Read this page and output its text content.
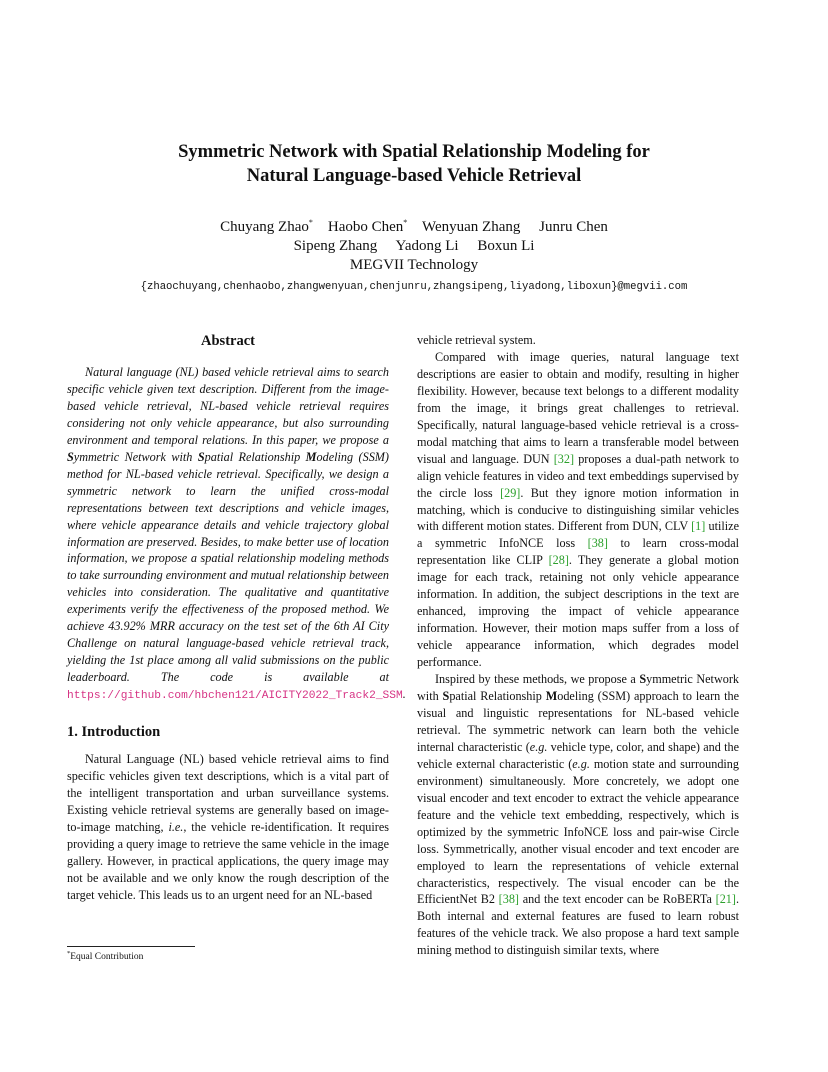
Symmetric Network with Spatial Relationship Modeling for
Natural Language-based Vehicle Retrieval
Chuyang Zhao* Haobo Chen* Wenyuan Zhang Junru Chen
Sipeng Zhang Yadong Li Boxun Li
MEGVII Technology
{zhaochuyang,chenhaobo,zhangwenyuan,chenjunru,zhangsipeng,liyadong,liboxun}@megvii.com
Abstract

Natural language (NL) based vehicle retrieval aims to search specific vehicle given text description. Different from the image-based vehicle retrieval, NL-based vehicle retrieval requires considering not only vehicle appearance, but also surrounding environment and temporal relations. In this paper, we propose a Symmetric Network with Spatial Relationship Modeling (SSM) method for NL-based vehicle retrieval. Specifically, we design a symmetric network to learn the unified cross-modal representations between text descriptions and vehicle images, where vehicle appearance details and vehicle trajectory global information are preserved. Besides, to make better use of location information, we propose a spatial relationship modeling methods to take surrounding environment and mutual relationship between vehicles into consideration. The qualitative and quantitative experiments verify the effectiveness of the proposed method. We achieve 43.92% MRR accuracy on the test set of the 6th AI City Challenge on natural language-based vehicle retrieval track, yielding the 1st place among all valid submissions on the public leaderboard. The code is available at https://github.com/hbchen121/AICITY2022_Track2_SSM.

1. Introduction

Natural Language (NL) based vehicle retrieval aims to find specific vehicles given text descriptions, which is a vital part of the intelligent transportation and urban surveillance systems. Existing vehicle retrieval systems are generally based on image-to-image matching, i.e., the vehicle re-identification. It requires providing a query image to retrieve the same vehicle in the image gallery. However, in practical applications, the query image may not be available and we only know the rough description of the target vehicle. This leads us to an urgent need for an NL-based

vehicle retrieval system.

Compared with image queries, natural language text descriptions are easier to obtain and modify, resulting in higher flexibility. However, because text belongs to a different modality from the image, it brings great challenges to retrieval. Specifically, natural language-based vehicle retrieval is a cross-modal matching that aims to learn a transferable model between visual and language. DUN [32] proposes a dual-path network to align vehicle features in video and text embeddings supervised by the circle loss [29]. But they ignore motion information in matching, which is conducive to distinguishing similar vehicles with different motion states. Different from DUN, CLV [1] utilize a symmetric InfoNCE loss [38] to learn cross-modal representation like CLIP [28]. They generate a global motion image for each track, retaining not only vehicle appearance information. In addition, the subject descriptions in the text are enhanced, improving the impact of vehicle appearance information. However, their motion maps suffer from a loss of vehicle appearance information, which degrades model performance.

Inspired by these methods, we propose a Symmetric Network with Spatial Relationship Modeling (SSM) approach to learn the visual and linguistic representations for NL-based vehicle retrieval. The symmetric network can learn both the vehicle internal characteristic (e.g. vehicle type, color, and shape) and the vehicle external characteristic (e.g. motion state and surrounding environment) simultaneously. More concretely, we adopt one visual encoder and text encoder to extract the vehicle appearance feature and the vehicle text embedding, respectively, which is optimized by the symmetric InfoNCE loss and pair-wise Circle loss. Symmetrically, another visual encoder and text encoder are employed to learn the representations of vehicle external characteristics, respectively. The visual encoder can be the EfficientNet B2 [38] and the text encoder can be RoBERTa [21]. Both internal and external features are fused to learn robust features of the vehicle track. We also propose a hard text sample mining method to distinguish similar texts, where

*Equal Contribution
